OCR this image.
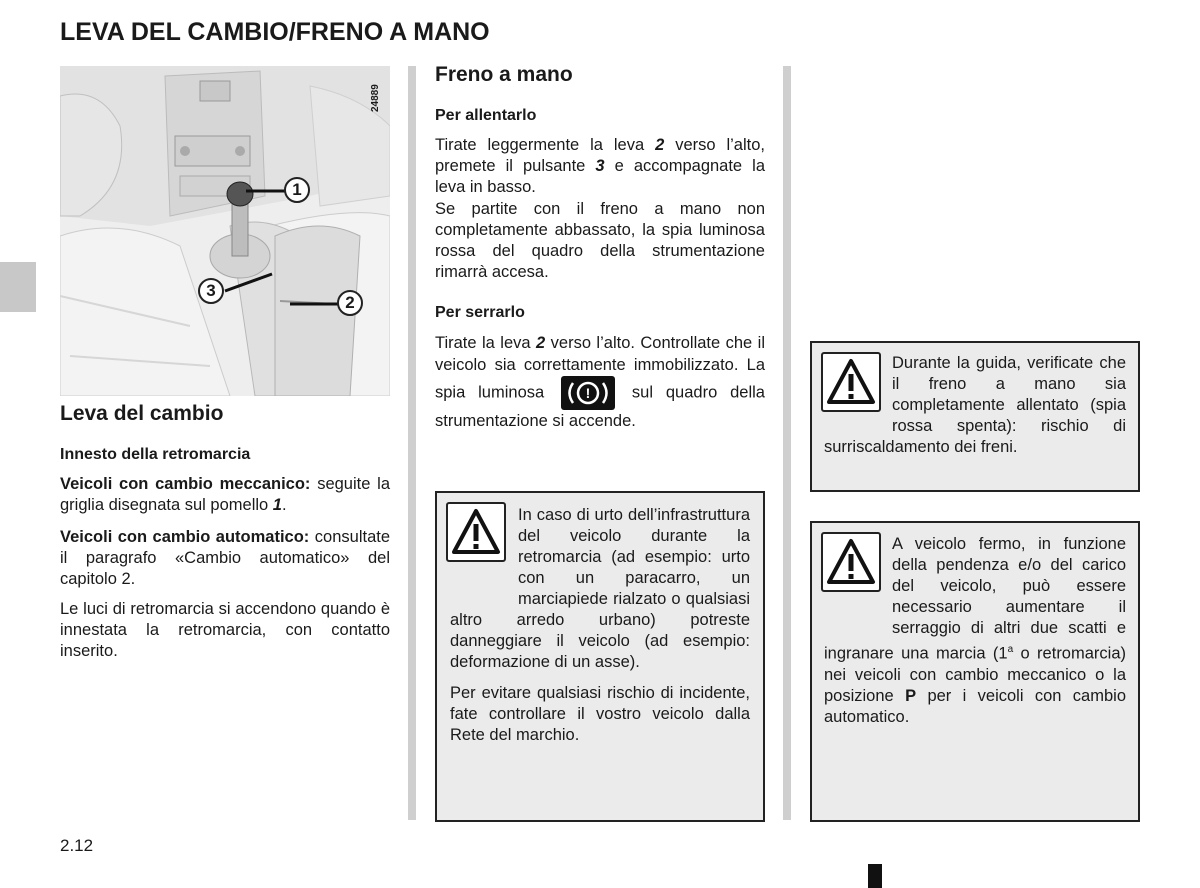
LEVA DEL CAMBIO/FRENO A MANO
24889
1
2
3
Leva del cambio
Innesto della retromarcia
Veicoli con cambio meccanico: seguite la griglia disegnata sul pomello 1.
Veicoli con cambio automatico: consultate il paragrafo «Cambio automatico» del capitolo 2.
Le luci di retromarcia si accendono quando è innestata la retromarcia, con contatto inserito.
Freno a mano
Per allentarlo
Tirate leggermente la leva 2 verso l’alto, premete il pulsante 3 e accompagnate la leva in basso.
Se partite con il freno a mano non completamente abbassato, la spia luminosa rossa del quadro della strumentazione rimarrà accesa.
Per serrarlo
Tirate la leva 2 verso l’alto. Controllate che il veicolo sia correttamente immobilizzato. La spia luminosa ! sul quadro della strumentazione si accende.
In caso di urto dell’infrastruttura del veicolo durante la retromarcia (ad esempio: urto con un paracarro, un marciapiede rialzato o qualsiasi altro arredo urbano) potreste danneggiare il veicolo (ad esempio: deformazione di un asse).
Per evitare qualsiasi rischio di incidente, fate controllare il vostro veicolo dalla Rete del marchio.
Durante la guida, verificate che il freno a mano sia completamente allentato (spia rossa spenta): rischio di surriscaldamento dei freni.
A veicolo fermo, in funzione della pendenza e/o del carico del veicolo, può essere necessario aumentare il serraggio di altri due scatti e ingranare una marcia (1$^a$ o retromarcia) nei veicoli con cambio meccanico o la posizione P per i veicoli con cambio automatico.
2.12
